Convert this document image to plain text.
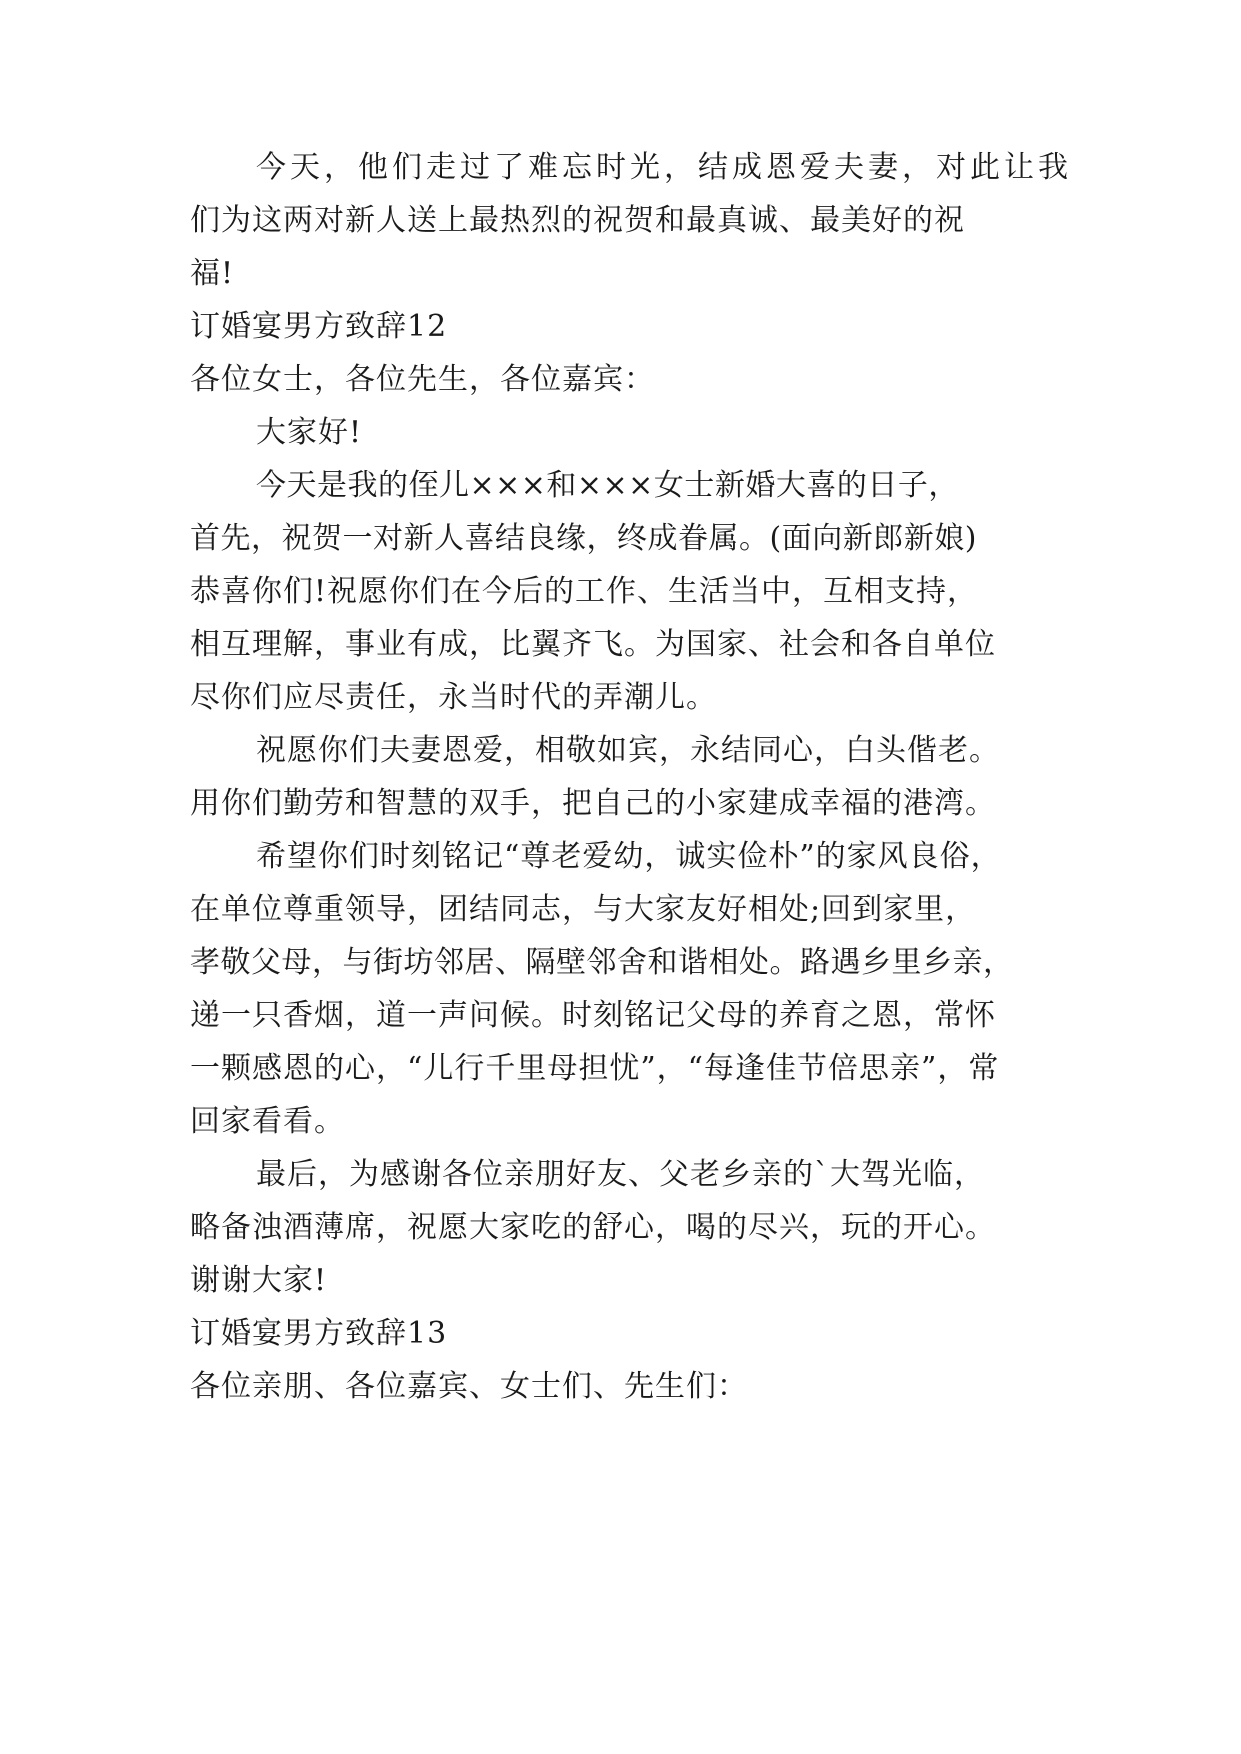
今天，他们走过了难忘时光，结成恩爱夫妻，对此让我
们为这两对新人送上最热烈的祝贺和最真诚、最美好的祝
福!
订婚宴男方致辞12
各位女士，各位先生，各位嘉宾：
大家好!
今天是我的侄儿×××和×××女士新婚大喜的日子，
首先，祝贺一对新人喜结良缘，终成眷属。(面向新郎新娘)
恭喜你们!祝愿你们在今后的工作、生活当中，互相支持，
相互理解，事业有成，比翼齐飞。为国家、社会和各自单位
尽你们应尽责任，永当时代的弄潮儿。
祝愿你们夫妻恩爱，相敬如宾，永结同心，白头偕老。
用你们勤劳和智慧的双手，把自己的小家建成幸福的港湾。
希望你们时刻铭记“尊老爱幼，诚实俭朴”的家风良俗，
在单位尊重领导，团结同志，与大家友好相处;回到家里，
孝敬父母，与街坊邻居、隔壁邻舍和谐相处。路遇乡里乡亲，
递一只香烟，道一声问候。时刻铭记父母的养育之恩，常怀
一颗感恩的心，“儿行千里母担忧”，“每逢佳节倍思亲”，常
回家看看。
最后，为感谢各位亲朋好友、父老乡亲的`大驾光临，
略备浊酒薄席，祝愿大家吃的舒心，喝的尽兴，玩的开心。
谢谢大家!
订婚宴男方致辞13
各位亲朋、各位嘉宾、女士们、先生们：
